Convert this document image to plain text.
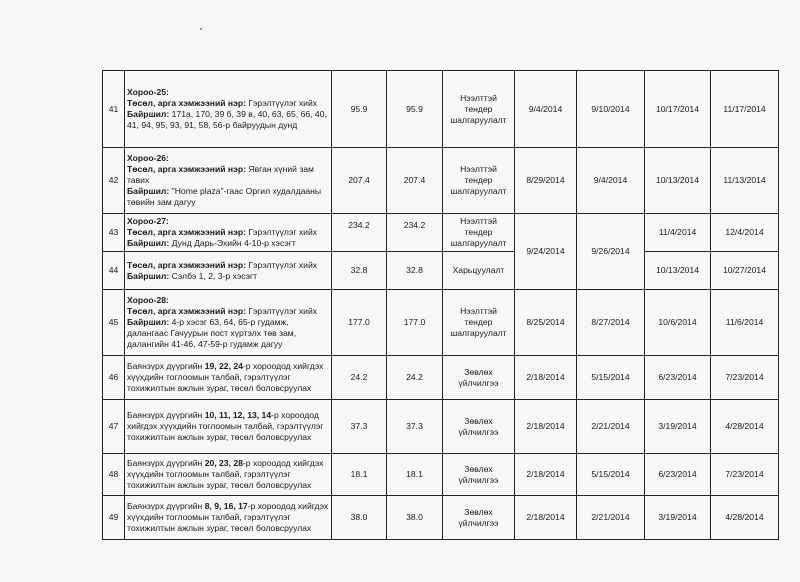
41	Хороо-25:
Төсөл, арга хэмжээний нэр: Гэрэлтүүлэг хийх
Байршил: 171а, 170, 39 б, 39 в, 40, 63, 65, 66, 40, 41, 94, 95, 93, 91, 58, 56-р байруудын дунд	95.9	95.9	Нээлттэй тендер шалгаруулалт	9/4/2014	9/10/2014	10/17/2014	11/17/2014
42	Хороо-26:
Төсөл, арга хэмжээний нэр: Явган хүний зам тавих
Байршил: "Home plaza"-гаас Оргил худалдааны төвийн зам дагуу	207.4	207.4	Нээлттэй тендер шалгаруулалт	8/29/2014	9/4/2014	10/13/2014	11/13/2014
43	Хороо-27:
Төсөл, арга хэмжээний нэр: Гэрэлтүүлэг хийх
Байршил: Дунд Дарь-Эхийн 4-10-р хэсэгт	234.2	234.2	Нээлттэй тендер шалгаруулалт	9/24/2014	9/26/2014	11/4/2014	12/4/2014
44	Төсөл, арга хэмжээний нэр: Гэрэлтүүлэг хийх
Байршил: Сэлбэ 1, 2, 3-р хэсэгт	32.8	32.8	Харьцуулалт			10/13/2014	10/27/2014
45	Хороо-28:
Төсөл, арга хэмжээний нэр: Гэрэлтүүлэг хийх
Байршил: 4-р хэсэг 63, 64, 65-р гудамж, далангаас Гачуурын пост хүртэлх төв зам, далангийн 41-46, 47-59-р гудамж дагуу	177.0	177.0	Нээлттэй тендер шалгаруулалт	8/25/2014	8/27/2014	10/6/2014	11/6/2014
46	Баянзүрх дүүргийн 19, 22, 24-р хороодод хийгдэх хүүхдийн тоглоомын талбай, гэрэлтүүлэг тохижилтын ажлын зураг, төсөл боловсруулах	24.2	24.2	Зөвлөх үйлчилгээ	2/18/2014	5/15/2014	6/23/2014	7/23/2014
47	Баянзүрх дүүргийн 10, 11, 12, 13, 14-р хороодод хийгдэх хүүхдийн тоглоомын талбай, гэрэлтүүлэг тохижилтын ажлын зураг, төсөл боловсруулах	37.3	37.3	Зөвлөх үйлчилгээ	2/18/2014	2/21/2014	3/19/2014	4/28/2014
48	Баянзүрх дүүргийн 20, 23, 28-р хороодод хийгдэх хүүхдийн тоглоомын талбай, гэрэлтүүлэг тохижилтын ажлын зураг, төсөл боловсруулах	18.1	18.1	Зөвлөх үйлчилгээ	2/18/2014	5/15/2014	6/23/2014	7/23/2014
49	Баянзүрх дүүргийн 8, 9, 16, 17-р хороодод хийгдэх хүүхдийн тоглоомын талбай, гэрэлтүүлэг тохижилтын ажлын зураг, төсөл боловсруулах	38.0	38.0	Зөвлөх үйлчилгээ	2/18/2014	2/21/2014	3/19/2014	4/28/2014
